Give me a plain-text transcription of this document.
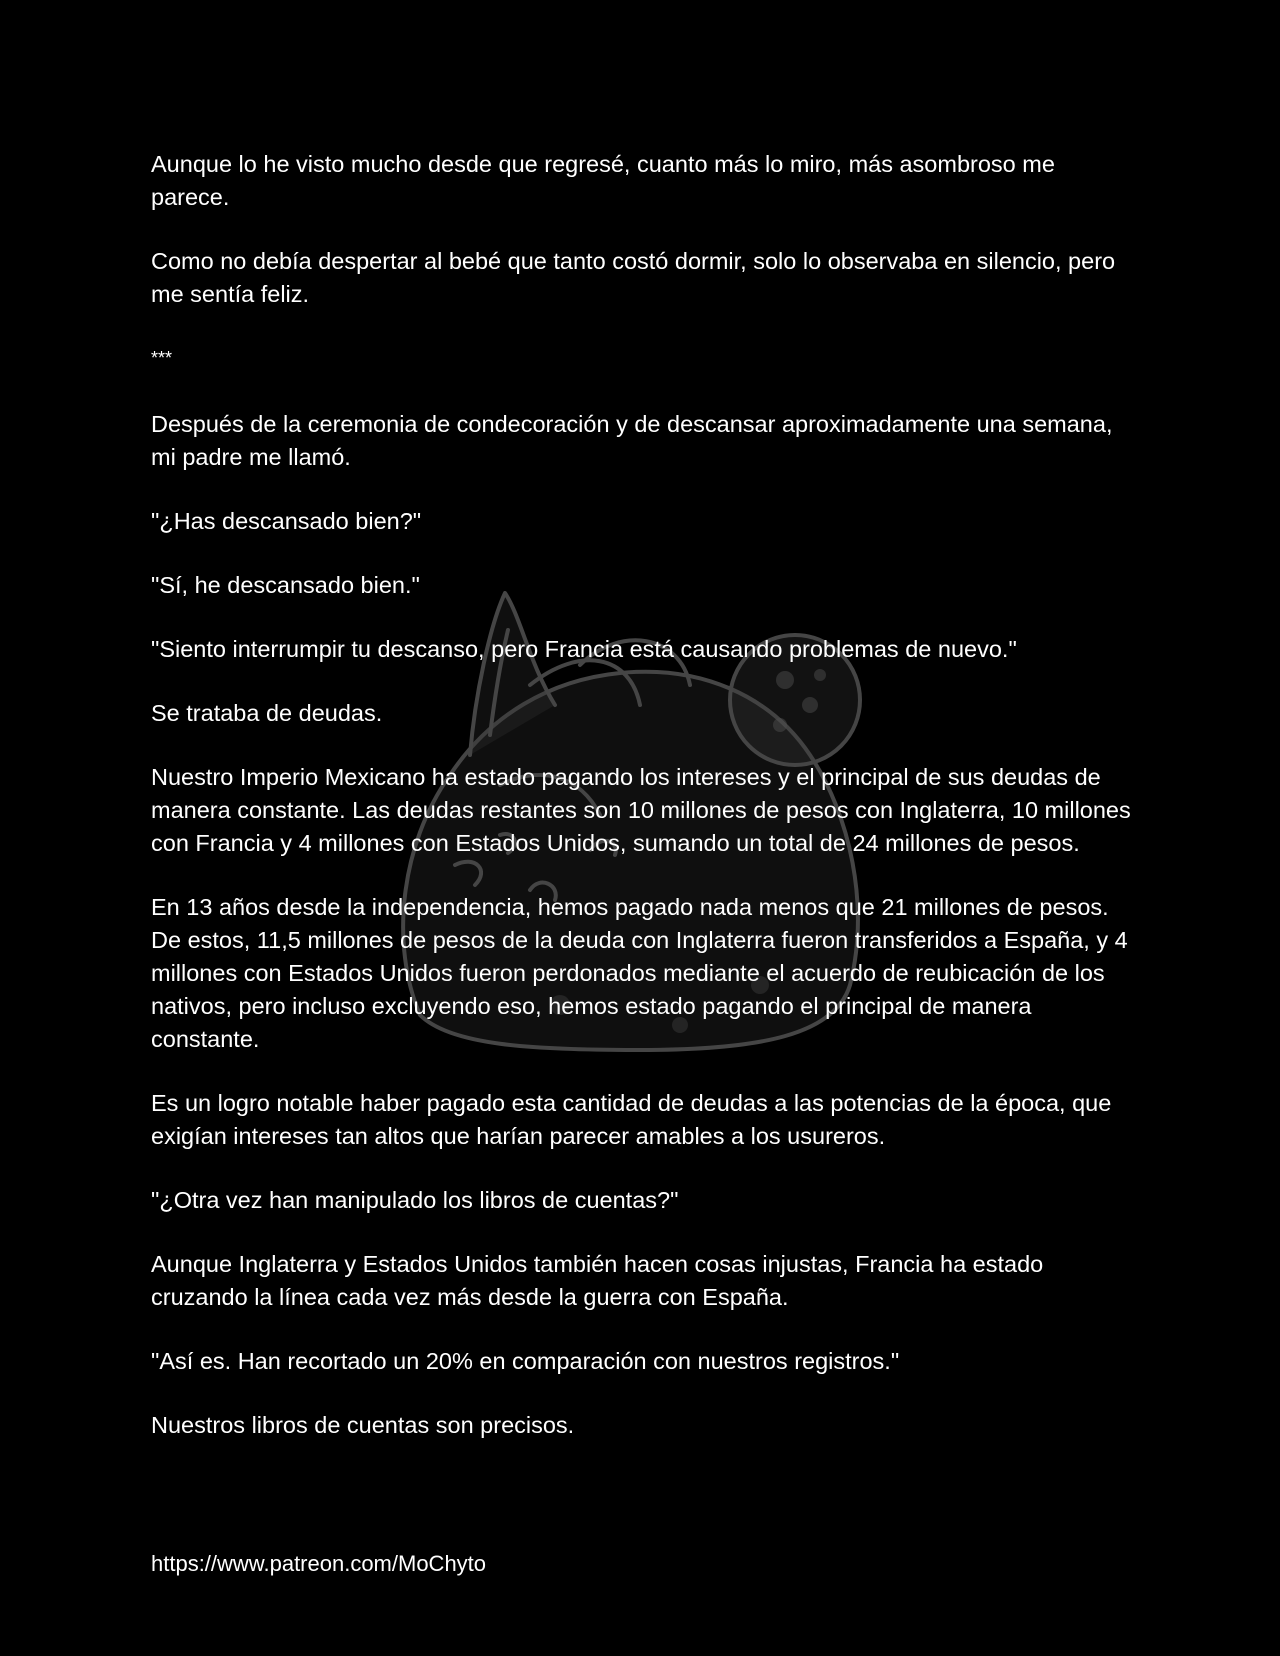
Aunque lo he visto mucho desde que regresé, cuanto más lo miro, más asombroso me parece.

Como no debía despertar al bebé que tanto costó dormir, solo lo observaba en silencio, pero me sentía feliz.

***

Después de la ceremonia de condecoración y de descansar aproximadamente una semana, mi padre me llamó.

"¿Has descansado bien?"

"Sí, he descansado bien."

"Siento interrumpir tu descanso, pero Francia está causando problemas de nuevo."

Se trataba de deudas.

Nuestro Imperio Mexicano ha estado pagando los intereses y el principal de sus deudas de manera constante. Las deudas restantes son 10 millones de pesos con Inglaterra, 10 millones con Francia y 4 millones con Estados Unidos, sumando un total de 24 millones de pesos.

En 13 años desde la independencia, hemos pagado nada menos que 21 millones de pesos. De estos, 11,5 millones de pesos de la deuda con Inglaterra fueron transferidos a España, y 4 millones con Estados Unidos fueron perdonados mediante el acuerdo de reubicación de los nativos, pero incluso excluyendo eso, hemos estado pagando el principal de manera constante.

Es un logro notable haber pagado esta cantidad de deudas a las potencias de la época, que exigían intereses tan altos que harían parecer amables a los usureros.

"¿Otra vez han manipulado los libros de cuentas?"

Aunque Inglaterra y Estados Unidos también hacen cosas injustas, Francia ha estado cruzando la línea cada vez más desde la guerra con España.

"Así es. Han recortado un 20% en comparación con nuestros registros."

Nuestros libros de cuentas son precisos.

https://www.patreon.com/MoChyto
